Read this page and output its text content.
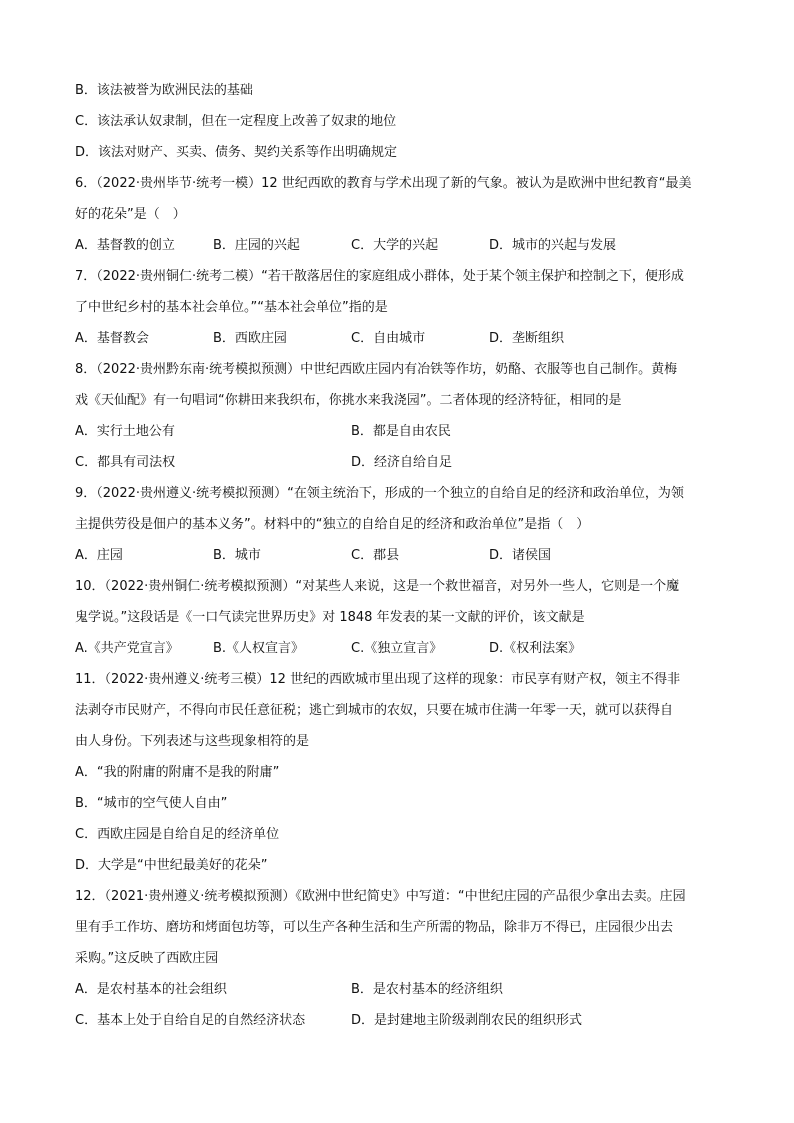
B．该法被誉为欧洲民法的基础
C．该法承认奴隶制，但在一定程度上改善了奴隶的地位
D．该法对财产、买卖、债务、契约关系等作出明确规定
6．（2022·贵州毕节·统考一模）12 世纪西欧的教育与学术出现了新的气象。被认为是欧洲中世纪教育“最美
好的花朵”是（　）
A．基督教的创立	B．庄园的兴起	C．大学的兴起	D．城市的兴起与发展
7．（2022·贵州铜仁·统考二模）“若干散落居住的家庭组成小群体，处于某个领主保护和控制之下，便形成
了中世纪乡村的基本社会单位。”“基本社会单位”指的是
A．基督教会	B．西欧庄园	C．自由城市	D．垄断组织
8．（2022·贵州黔东南·统考模拟预测）中世纪西欧庄园内有冶铁等作坊，奶酪、衣服等也自己制作。黄梅
戏《天仙配》有一句唱词“你耕田来我织布，你挑水来我浇园”。二者体现的经济特征，相同的是
A．实行土地公有	B．都是自由农民
C．都具有司法权	D．经济自给自足
9．（2022·贵州遵义·统考模拟预测）“在领主统治下，形成的一个独立的自给自足的经济和政治单位，为领
主提供劳役是佃户的基本义务”。材料中的“独立的自给自足的经济和政治单位”是指（　）
A．庄园	B．城市	C．郡县	D．诸侯国
10．（2022·贵州铜仁·统考模拟预测）“对某些人来说，这是一个救世福音，对另外一些人，它则是一个魔
鬼学说。”这段话是《一口气读完世界历史》对 1848 年发表的某一文献的评价，该文献是
A.《共产党宣言》	B.《人权宣言》	C.《独立宣言》	D.《权利法案》
11．（2022·贵州遵义·统考三模）12 世纪的西欧城市里出现了这样的现象：市民享有财产权，领主不得非
法剥夺市民财产，不得向市民任意征税；逃亡到城市的农奴，只要在城市住满一年零一天，就可以获得自
由人身份。下列表述与这些现象相符的是
A．“我的附庸的附庸不是我的附庸”
B．“城市的空气使人自由”
C．西欧庄园是自给自足的经济单位
D．大学是“中世纪最美好的花朵”
12．（2021·贵州遵义·统考模拟预测）《欧洲中世纪简史》中写道：“中世纪庄园的产品很少拿出去卖。庄园
里有手工作坊、磨坊和烤面包坊等，可以生产各种生活和生产所需的物品，除非万不得已，庄园很少出去
采购。”这反映了西欧庄园
A．是农村基本的社会组织	B．是农村基本的经济组织
C．基本上处于自给自足的自然经济状态	D．是封建地主阶级剥削农民的组织形式
